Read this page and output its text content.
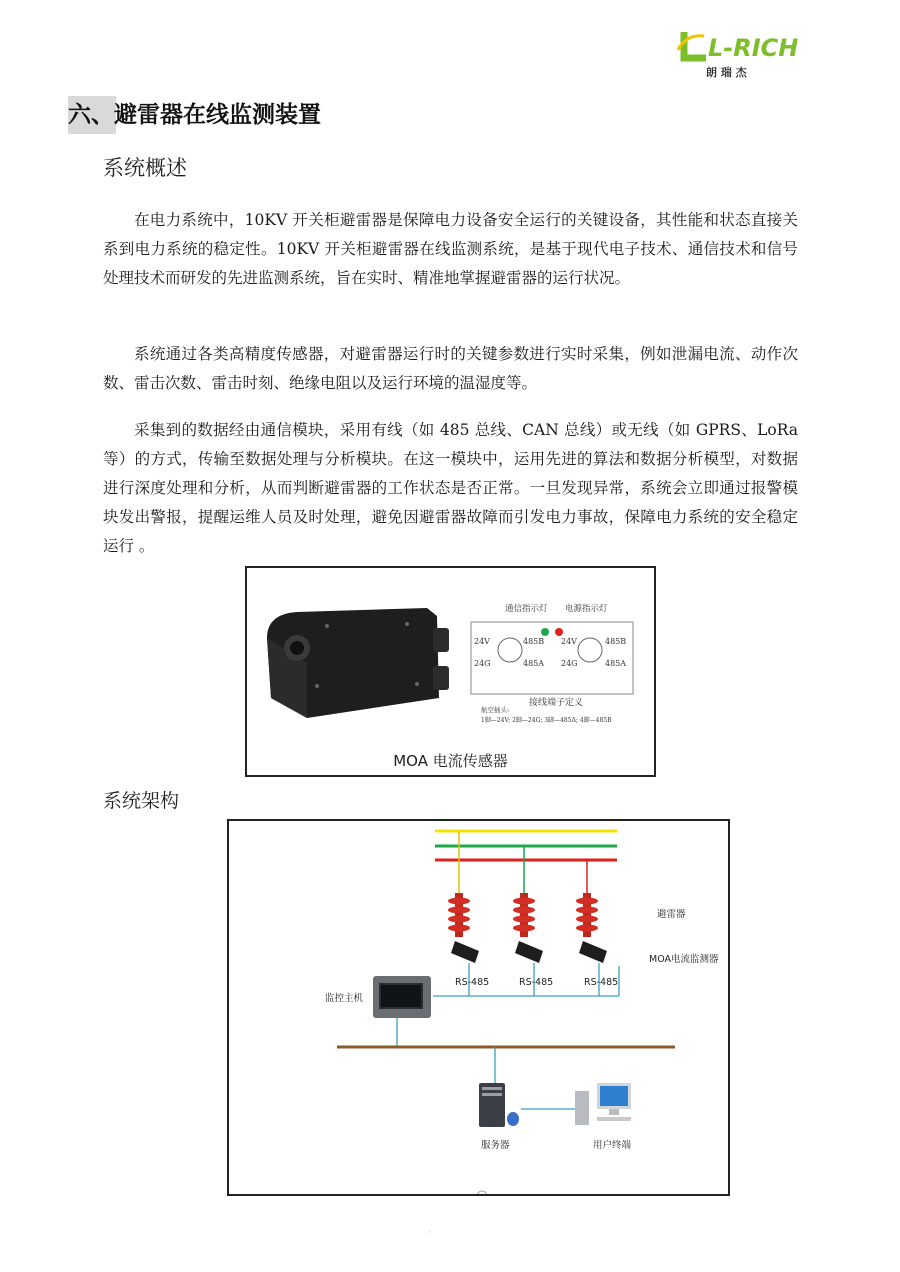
L-RICH
朗 瑞 杰
六、避雷器在线监测装置
系统概述

在电力系统中，10KV 开关柜避雷器是保障电力设备安全运行的关键设备，其性能和状态直接关系到电力系统的稳定性。10KV 开关柜避雷器在线监测系统，是基于现代电子技术、通信技术和信号处理技术而研发的先进监测系统，旨在实时、精准地掌握避雷器的运行状况。

系统通过各类高精度传感器，对避雷器运行时的关键参数进行实时采集，例如泄漏电流、动作次数、雷击次数、雷击时刻、绝缘电阻以及运行环境的温湿度等。

采集到的数据经由通信模块，采用有线（如 485 总线、CAN 总线）或无线（如 GPRS、LoRa 等）的方式，传输至数据处理与分析模块。在这一模块中，运用先进的算法和数据分析模型，对数据进行深度处理和分析，从而判断避雷器的工作状态是否正常。一旦发现异常，系统会立即通过报警模块发出警报，提醒运维人员及时处理，避免因避雷器故障而引发电力事故，保障电力系统的安全稳定运行 。

通信指示灯 电源指示灯
24V	485B
24G	485A
24V	485B
24G	485A
接线端子定义
航空插头:
1脚—24V; 2脚—24G; 3脚—485A; 4脚—485B
MOA 电流传感器
系统架构
RS-485	RS-485	RS-485
避雷器
MOA电流监测器
监控主机
服务器	用户终端
·
